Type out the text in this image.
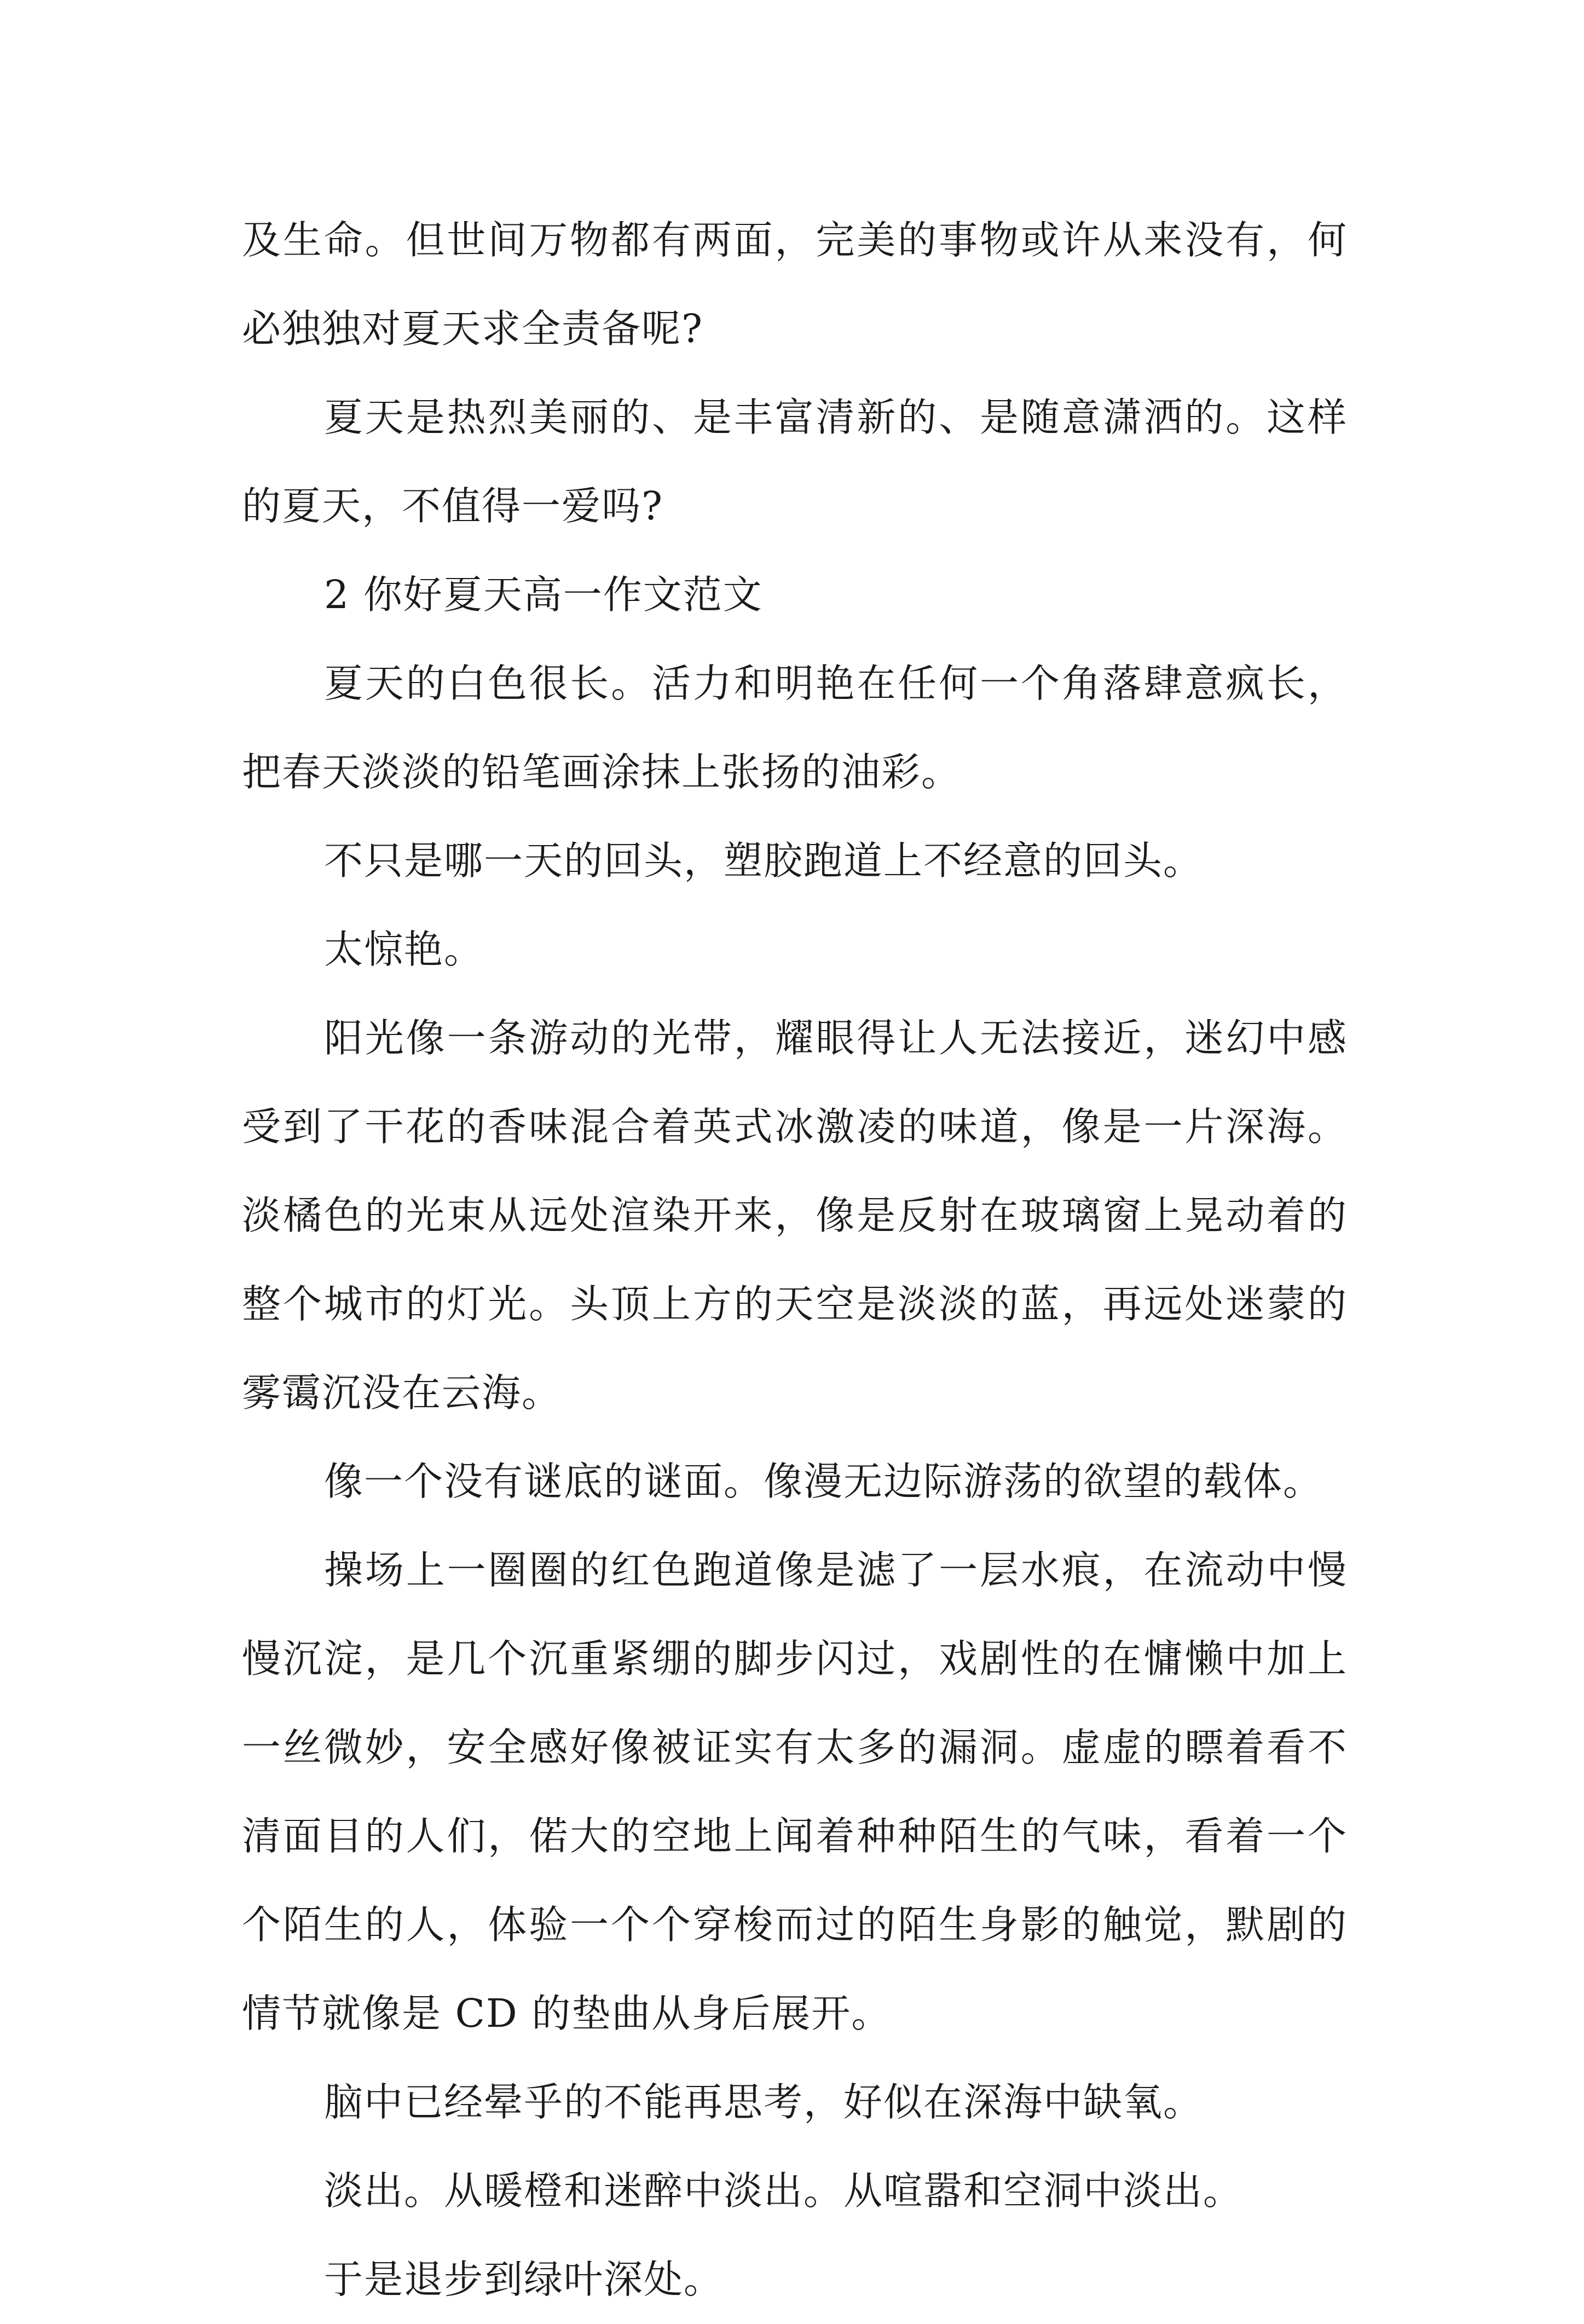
及生命。但世间万物都有两面，完美的事物或许从来没有，何必独独对夏天求全责备呢?

夏天是热烈美丽的、是丰富清新的、是随意潇洒的。这样的夏天，不值得一爱吗?

2 你好夏天高一作文范文

夏天的白色很长。活力和明艳在任何一个角落肆意疯长，把春天淡淡的铅笔画涂抹上张扬的油彩。

不只是哪一天的回头，塑胶跑道上不经意的回头。

太惊艳。

阳光像一条游动的光带，耀眼得让人无法接近，迷幻中感受到了干花的香味混合着英式冰激凌的味道，像是一片深海。淡橘色的光束从远处渲染开来，像是反射在玻璃窗上晃动着的整个城市的灯光。头顶上方的天空是淡淡的蓝，再远处迷蒙的雾霭沉没在云海。

像一个没有谜底的谜面。像漫无边际游荡的欲望的载体。

操场上一圈圈的红色跑道像是滤了一层水痕，在流动中慢慢沉淀，是几个沉重紧绷的脚步闪过，戏剧性的在慵懒中加上一丝微妙，安全感好像被证实有太多的漏洞。虚虚的瞟着看不清面目的人们，偌大的空地上闻着种种陌生的气味，看着一个个陌生的人，体验一个个穿梭而过的陌生身影的触觉，默剧的情节就像是 CD 的垫曲从身后展开。

脑中已经晕乎的不能再思考，好似在深海中缺氧。

淡出。从暖橙和迷醉中淡出。从喧嚣和空洞中淡出。

于是退步到绿叶深处。
